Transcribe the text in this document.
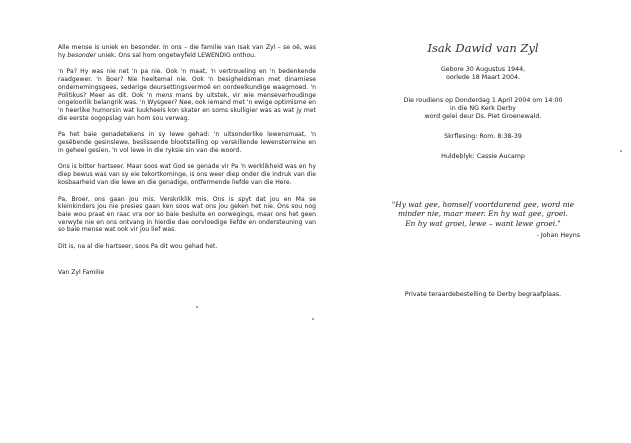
Alle mense is uniek en besonder. In ons – die familie van Isak van Zyl – se oë, was hy besonder uniek. Ons sal hom ongetwyfeld LEWENDIG onthou.

'n Pa? Hy was nie net 'n pa nie. Ook 'n maat, 'n vertroueling en 'n bedenkende raadgewer. 'n Boer? Nie heeltemal nie. Ook 'n besigheidsman met dinamiese ondernemingsgees, sederige deursettingsvermoë en oordeelkundige waagmoed. 'n Politikus? Meer as dit. Ook 'n mens mans by uitstek, vir wie menseverhoudinge ongeloorlik belangrik was. 'n Wysgeer? Nee, ook iemand met 'n ewige optimisme en 'n heerlike humorsin wat luukheels kon skater en soms skulligier was as wat jy met die eerste oogopslag van hom sou verwag.

Pa het baie genadetekens in sy lewe gehad: 'n uitsonderlike lewensmaat, 'n gesêbende gesinslewe, beslissende blootstelling op verskillende lewensterreine en in geheel gesien, 'n vol lewe in die ryksie sin van die woord.

Ons is bitter hartseer. Maar soos wat God se genade vir Pa 'n werklikheid was en hy diep bewus was van sy eie tekortkominge, is ons weer diep onder die indruk van die kosbaarheid van die lewe en die genadige, ontfermende liefde van die Here.

Pa, Broer, ons gaan jou mis. Verskriklik mis. Ons is spyt dat jou en Ma se kleinkinders jou nie presies gaan ken soos wat ons jou geken het nie. Ons sou nog baie wou praat en raac vra oor so baie besluite en oorwegings, maar ons het geen verwyte nie en ons ontvang in hierdie dae oorvloedige liefde en ondersteuning van so baie mense wat ook vir jou lief was.

Dit is, na al die hartseer, soos Pa dit wou gehad het.

Van Zyl Familie

Isak Dawid van Zyl
Gebore 30 Augustus 1944,
oorlede 18 Maart 2004.
Die roudiens op Donderdag 1 April 2004 om 14:00
in die NG Kerk Derby
word gelei deur Ds. Piet Groenewald.
Skrflesing: Rom. 8:38-39
Huldeblyk: Cassie Aucamp
"Hy wat gee, homself voortdurend gee, word nie
minder nie, maar meer. En hy wat gee, groei.
En hy wat groei, lewe – want lewe groei."
- Johan Heyns
Private teraardebestelling te Derby begraafplaas.
